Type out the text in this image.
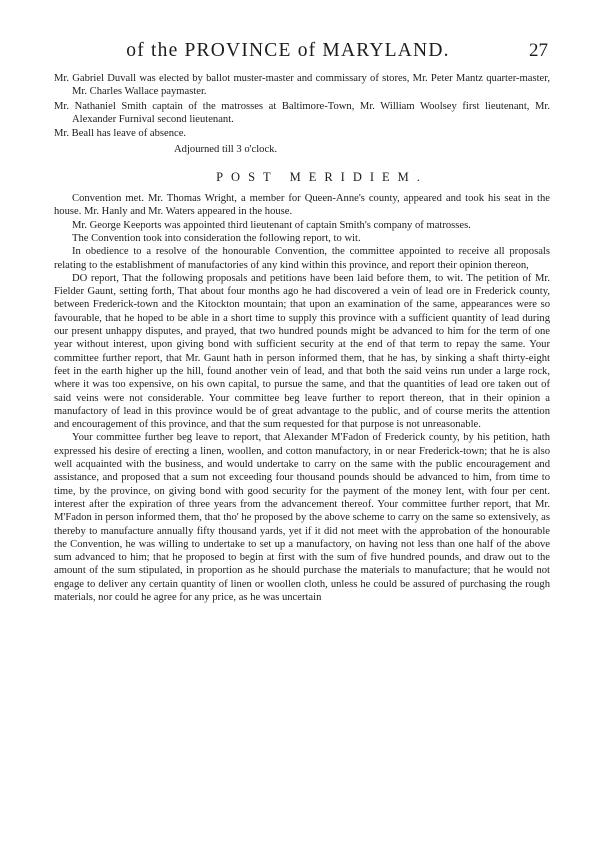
of the PROVINCE of MARYLAND.	27

Mr. Gabriel Duvall was elected by ballot muster-master and commissary of stores, Mr. Peter Mantz quarter-master, Mr. Charles Wallace paymaster.

Mr. Nathaniel Smith captain of the matrosses at Baltimore-Town, Mr. William Woolsey first lieutenant, Mr. Alexander Furnival second lieutenant.

Mr. Beall has leave of absence.

Adjourned till 3 o'clock.

POST MERIDIEM.

Convention met. Mr. Thomas Wright, a member for Queen-Anne's county, appeared and took his seat in the house. Mr. Hanly and Mr. Waters appeared in the house.

Mr. George Keeports was appointed third lieutenant of captain Smith's company of matrosses.

The Convention took into consideration the following report, to wit.

In obedience to a resolve of the honourable Convention, the committee appointed to receive all proposals relating to the establishment of manufactories of any kind within this province, and report their opinion thereon,

DO report, That the following proposals and petitions have been laid before them, to wit. The petition of Mr. Fielder Gaunt, setting forth, That about four months ago he had discovered a vein of lead ore in Frederick county, between Frederick-town and the Kitockton mountain; that upon an examination of the same, appearances were so favourable, that he hoped to be able in a short time to supply this province with a sufficient quantity of lead during our present unhappy disputes, and prayed, that two hundred pounds might be advanced to him for the term of one year without interest, upon giving bond with sufficient security at the end of that term to repay the same. Your committee further report, that Mr. Gaunt hath in person informed them, that he has, by sinking a shaft thirty-eight feet in the earth higher up the hill, found another vein of lead, and that both the said veins run under a large rock, where it was too expensive, on his own capital, to pursue the same, and that the quantities of lead ore taken out of said veins were not considerable. Your committee beg leave further to report thereon, that in their opinion a manufactory of lead in this province would be of great advantage to the public, and of course merits the attention and encouragement of this province, and that the sum requested for that purpose is not unreasonable.

Your committee further beg leave to report, that Alexander M'Fadon of Frederick county, by his petition, hath expressed his desire of erecting a linen, woollen, and cotton manufactory, in or near Frederick-town; that he is also well acquainted with the business, and would undertake to carry on the same with the public encouragement and assistance, and proposed that a sum not exceeding four thousand pounds should be advanced to him, from time to time, by the province, on giving bond with good security for the payment of the money lent, with four per cent. interest after the expiration of three years from the advancement thereof. Your committee further report, that Mr. M'Fadon in person informed them, that tho' he proposed by the above scheme to carry on the same so extensively, as thereby to manufacture annually fifty thousand yards, yet if it did not meet with the approbation of the honourable the Convention, he was willing to undertake to set up a manufactory, on having not less than one half of the above sum advanced to him; that he proposed to begin at first with the sum of five hundred pounds, and draw out to the amount of the sum stipulated, in proportion as he should purchase the materials to manufacture; that he would not engage to deliver any certain quantity of linen or woollen cloth, unless he could be assured of purchasing the rough materials, nor could he agree for any price, as he was uncertain
